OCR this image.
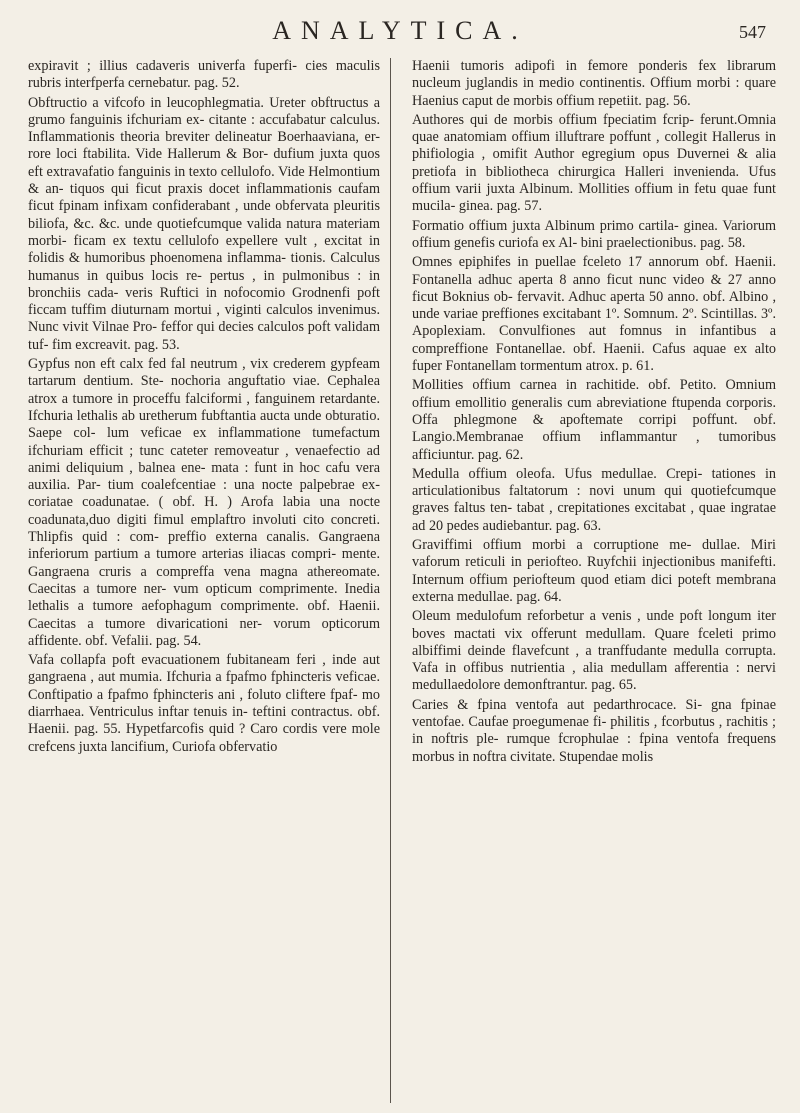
ANALYTICA.	547

expiravit ; illius cadaveris univerfa fuperfi- cies maculis rubris interfperfa cernebatur. pag. 52.

Obftructio a vifcofo in leucophlegmatia. Ureter obftructus a grumo fanguinis ifchuriam ex- citante : accufabatur calculus. Inflammationis theoria breviter delineatur Boerhaaviana, er- rore loci ftabilita. Vide Hallerum & Bor- dufium juxta quos eft extravafatio fanguinis in texto cellulofo. Vide Helmontium & an- tiquos qui ficut praxis docet inflammationis caufam ficut fpinam infixam confiderabant , unde obfervata pleuritis biliofa, &c. &c. unde quotiefcumque valida natura materiam morbi- ficam ex textu cellulofo expellere vult , excitat in folidis & humoribus phoenomena inflamma- tionis. Calculus humanus in quibus locis re- pertus , in pulmonibus : in bronchiis cada- veris Ruftici in nofocomio Grodnenfi poft ficcam tuffim diuturnam mortui , viginti calculos invenimus. Nunc vivit Vilnae Pro- feffor qui decies calculos poft validam tuf- fim excreavit. pag. 53.

Gypfus non eft calx fed fal neutrum , vix crederem gypfeam tartarum dentium. Ste- nochoria anguftatio viae. Cephalea atrox a tumore in proceffu falciformi , fanguinem retardante. Ifchuria lethalis ab uretherum fubftantia aucta unde obturatio. Saepe col- lum veficae ex inflammatione tumefactum ifchuriam efficit ; tunc cateter removeatur , venaefectio ad animi deliquium , balnea ene- mata : funt in hoc cafu vera auxilia. Par- tium coalefcentiae : una nocte palpebrae ex- coriatae coadunatae. ( obf. H. ) Arofa labia una nocte coadunata,duo digiti fimul emplaftro involuti cito concreti. Thlipfis quid : com- preffio externa canalis. Gangraena inferiorum partium a tumore arterias iliacas compri- mente. Gangraena cruris a compreffa vena magna athereomate. Caecitas a tumore ner- vum opticum comprimente. Inedia lethalis a tumore aefophagum comprimente. obf. Haenii. Caecitas a tumore divaricationi ner- vorum opticorum affidente. obf. Vefalii. pag. 54.

Vafa collapfa poft evacuationem fubitaneam feri , inde aut gangraena , aut mumia. Ifchuria a fpafmo fphincteris veficae. Conftipatio a fpafmo fphincteris ani , foluto cliftere fpaf- mo diarrhaea. Ventriculus inftar tenuis in- teftini contractus. obf. Haenii. pag. 55. Hypetfarcofis quid ? Caro cordis vere mole crefcens juxta lancifium, Curiofa obfervatio

Haenii tumoris adipofi in femore ponderis fex librarum nucleum juglandis in medio continentis. Offium morbi : quare Haenius caput de morbis offium repetiit. pag. 56.

Authores qui de morbis offium fpeciatim fcrip- ferunt.Omnia quae anatomiam offium illuftrare poffunt , collegit Hallerus in phifiologia , omifit Author egregium opus Duvernei & alia pretiofa in bibliotheca chirurgica Halleri invenienda. Ufus offium varii juxta Albinum. Mollities offium in fetu quae funt mucila- ginea. pag. 57.

Formatio offium juxta Albinum primo cartila- ginea. Variorum offium genefis curiofa ex Al- bini praelectionibus. pag. 58.

Omnes epiphifes in puellae fceleto 17 annorum obf. Haenii. Fontanella adhuc aperta 8 anno ficut nunc video & 27 anno ficut Boknius ob- fervavit. Adhuc aperta 50 anno. obf. Albino , unde variae preffiones excitabant 1º. Somnum. 2º. Scintillas. 3º. Apoplexiam. Convulfiones aut fomnus in infantibus a compreffione Fontanellae. obf. Haenii. Cafus aquae ex alto fuper Fontanellam tormentum atrox. p. 61.

Mollities offium carnea in rachitide. obf. Petito. Omnium offium emollitio generalis cum abreviatione ftupenda corporis. Offa phlegmone & apoftemate corripi poffunt. obf. Langio.Membranae offium inflammantur , tumoribus afficiuntur. pag. 62.

Medulla offium oleofa. Ufus medullae. Crepi- tationes in articulationibus faltatorum : novi unum qui quotiefcumque graves faltus ten- tabat , crepitationes excitabat , quae ingratae ad 20 pedes audiebantur. pag. 63.

Graviffimi offium morbi a corruptione me- dullae. Miri vaforum reticuli in periofteo. Ruyfchii injectionibus manifefti. Internum offium periofteum quod etiam dici poteft membrana externa medullae. pag. 64.

Oleum medulofum reforbetur a venis , unde poft longum iter boves mactati vix offerunt medullam. Quare fceleti primo albiffimi deinde flavefcunt , a tranffudante medulla corrupta. Vafa in offibus nutrientia , alia medullam afferentia : nervi medullaedolore demonftrantur. pag. 65.

Caries & fpina ventofa aut pedarthrocace. Si- gna fpinae ventofae. Caufae proegumenae fi- philitis , fcorbutus , rachitis ; in noftris ple- rumque fcrophulae : fpina ventofa frequens morbus in noftra civitate. Stupendae molis
